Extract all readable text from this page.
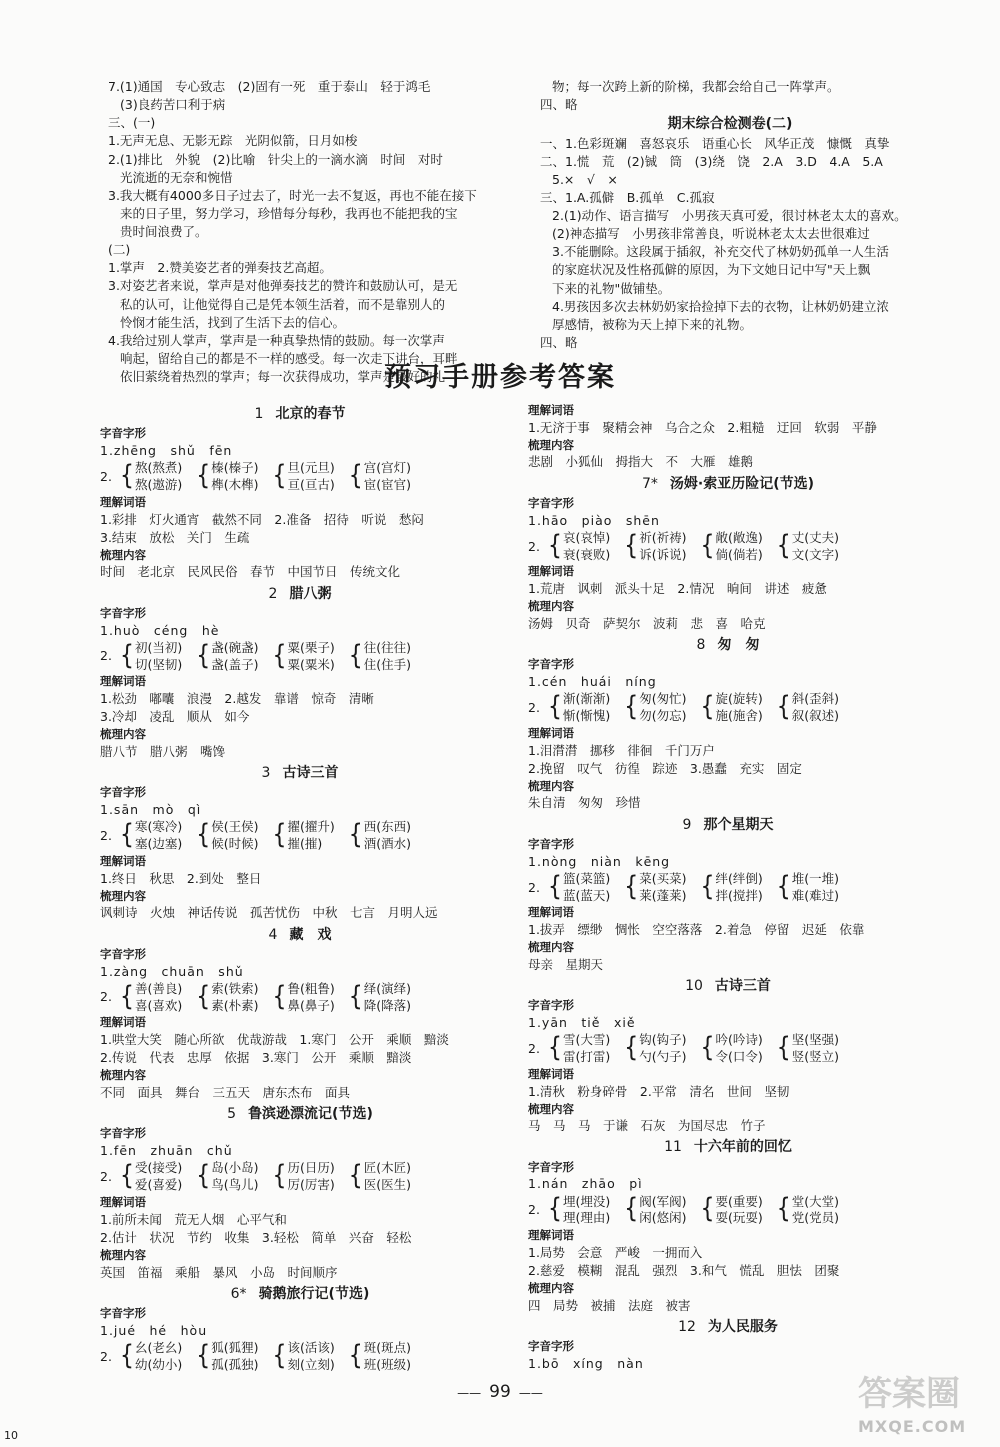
7.(1)通国　专心致志　(2)固有一死　重于泰山　轻于鸿毛

(3)良药苦口利于病

三、(一)

1.无声无息、无影无踪　光阴似箭，日月如梭

2.(1)排比　外貌　(2)比喻　针尖上的一滴水滴　时间　对时

光流逝的无奈和惋惜

3.我大概有4000多日子过去了，时光一去不复返，再也不能在接下

来的日子里，努力学习，珍惜每分每秒，我再也不能把我的宝

贵时间浪费了。

(二)

1.掌声　2.赞美姿艺者的弹奏技艺高超。

3.对姿艺者来说，掌声是对他弹奏技艺的赞许和鼓励认可，是无

私的认可，让他觉得自己是凭本领生活着，而不是靠别人的

怜悯才能生活，找到了生活下去的信心。

4.我给过别人掌声，掌声是一种真挚热情的鼓励。每一次掌声

响起，留给自己的都是不一样的感受。每一次走下讲台，耳畔

依旧萦绕着热烈的掌声；每一次获得成功，掌声是最好的礼

物；每一次跨上新的阶梯，我都会给自己一阵掌声。

四、略

期末综合检测卷(二)

一、1.色彩斑斓　喜怒哀乐　语重心长　风华正茂　慷慨　真挚

二、1.慌　荒　(2)铖　筒　(3)绕　饶　2.A　3.D　4.A　5.A

5.×　√　×

三、1.A.孤僻　B.孤单　C.孤寂

2.(1)动作、语言描写　小男孩天真可爱，很讨林老太太的喜欢。

(2)神态描写　小男孩非常善良，听说林老太太去世很难过

3.不能删除。这段属于插叙，补充交代了林奶奶孤单一人生活

的家庭状况及性格孤僻的原因，为下文她日记中写"天上飘

下来的礼物"做铺垫。

4.男孩因多次去林奶奶家拾捡掉下去的衣物，让林奶奶建立浓

厚感情，被称为天上掉下来的礼物。

四、略

预习手册参考答案

1 北京的春节

字音字形

1.zhēng　shǔ　fēn

2. { 熬(熬煮)

熬(遨游) { 榛(榛子)

榫(木榫) { 旦(元旦)

亘(亘古) { 宫(宫灯)

宦(宦官)

理解词语

1.彩排　灯火通宵　截然不同　2.准备　招待　听说　愁闷

3.结束　放松　关门　生疏

梳理内容

时间　老北京　民风民俗　春节　中国节日　传统文化

2 腊八粥

字音字形

1.huò　céng　hè

2. { 初(当初)

切(坚韧) { 盏(碗盏)

盏(盖子) { 粟(栗子)

粟(粟米) { 往(往往)

住(住手)

理解词语

1.松劲　嘟囔　浪漫　2.越发　靠谱　惊奇　清晰

3.冷却　凌乱　顺从　如今

梳理内容

腊八节　腊八粥　嘴馋

3 古诗三首

字音字形

1.sān　mò　qì

2. { 寒(寒冷)

塞(边塞) { 侯(王侯)

候(时候) { 擢(擢升)

摧(摧)	{ 西(东西)

酒(酒水)

理解词语

1.终日　秋思　2.到处　整日

梳理内容

讽刺诗　火烛　神话传说　孤苦忧伤　中秋　七言　月明人远

4 藏　戏

字音字形

1.zàng　chuān　shǔ

2. { 善(善良)

喜(喜欢) { 索(铁索)

素(朴素) { 鲁(粗鲁)

鼻(鼻子) { 绎(演绎)

降(降落)

理解词语

1.哄堂大笑　随心所欲　优哉游哉　1.寒门　公开　乘顺　黯淡

2.传说　代表　忠厚　依据　3.寒门　公开　乘顺　黯淡

梳理内容

不同　面具　舞台　三五天　唐东杰布　面具

5 鲁滨逊漂流记(节选)

字音字形

1.fēn　zhuān　chǔ

2. { 受(接受)

爱(喜爱) { 岛(小岛)

鸟(鸟儿) { 历(日历)

厉(厉害) { 匠(木匠)

医(医生)

理解词语

1.前所未闻　荒无人烟　心平气和

2.估计　状况　节约　收集　3.轻松　简单　兴奋　轻松

梳理内容

英国　笛福　乘船　暴风　小岛　时间顺序

6* 骑鹅旅行记(节选)

字音字形

1.jué　hé　hòu

2. { 幺(老幺)

幼(幼小) { 狐(狐狸)

孤(孤独) { 该(活该)

刻(立刻) { 斑(斑点)

班(班级)

理解词语

1.无济于事　聚精会神　乌合之众　2.粗糙　迂回　软弱　平静

梳理内容

悲剧　小狐仙　拇指大　不　大雁　雄鹅

7* 汤姆·索亚历险记(节选)

字音字形

1.hāo　piào　shēn

2. { 哀(哀悼)

衰(衰败) { 祈(祈祷)

诉(诉说) { 敞(敞逸)

倘(倘若) { 丈(丈夫)

文(文字)

理解词语

1.荒唐　讽刺　派头十足　2.情况　晌间　讲述　疲惫

梳理内容

汤姆　贝奇　萨契尔　波莉　悲　喜　哈克

8 匆　匆

字音字形

1.cén　huái　níng

2. { 渐(渐渐)

惭(惭愧) { 匆(匆忙)

勿(勿忘) { 旋(旋转)

施(施舍) { 斜(歪斜)

叙(叙述)

理解词语

1.泪潸潸　挪移　徘徊　千门万户

2.挽留　叹气　彷徨　踪迹　3.愚蠢　充实　固定

梳理内容

朱自清　匆匆　珍惜

9 那个星期天

字音字形

1.nòng　niàn　kēng

2. { 篮(菜篮)

蓝(蓝天) { 菜(买菜)

莱(蓬莱) { 绊(绊倒)

拌(搅拌) { 堆(一堆)

难(难过)

理解词语

1.拔弄　缥缈　惆怅　空空落落　2.着急　停留　迟延　依靠

梳理内容

母亲　星期天

10 古诗三首

字音字形

1.yān　tiě　xiě

2. { 雪(大雪)

雷(打雷) { 钩(钩子)

勺(勺子) { 吟(吟诗)

令(口令) { 坚(坚强)

竖(竖立)

理解词语

1.清秋　粉身碎骨　2.平常　清名　世间　坚韧

梳理内容

马　马　马　于谦　石灰　为国尽忠　竹子

11 十六年前的回忆

字音字形

1.nán　zhāo　pì

2. { 埋(埋没)

理(理由) { 阀(军阀)

闲(悠闲) { 要(重要)

耍(玩耍) { 堂(大堂)

党(党员)

理解词语

1.局势　会意　严峻　一拥而入

2.慈爱　模糊　混乱　强烈　3.和气　慌乱　胆怯　团聚

梳理内容

四　局势　被捕　法庭　被害

12 为人民服务

字音字形

1.bō　xíng　nàn

—— 99 ——	答案圈
MXQE.COM
10
